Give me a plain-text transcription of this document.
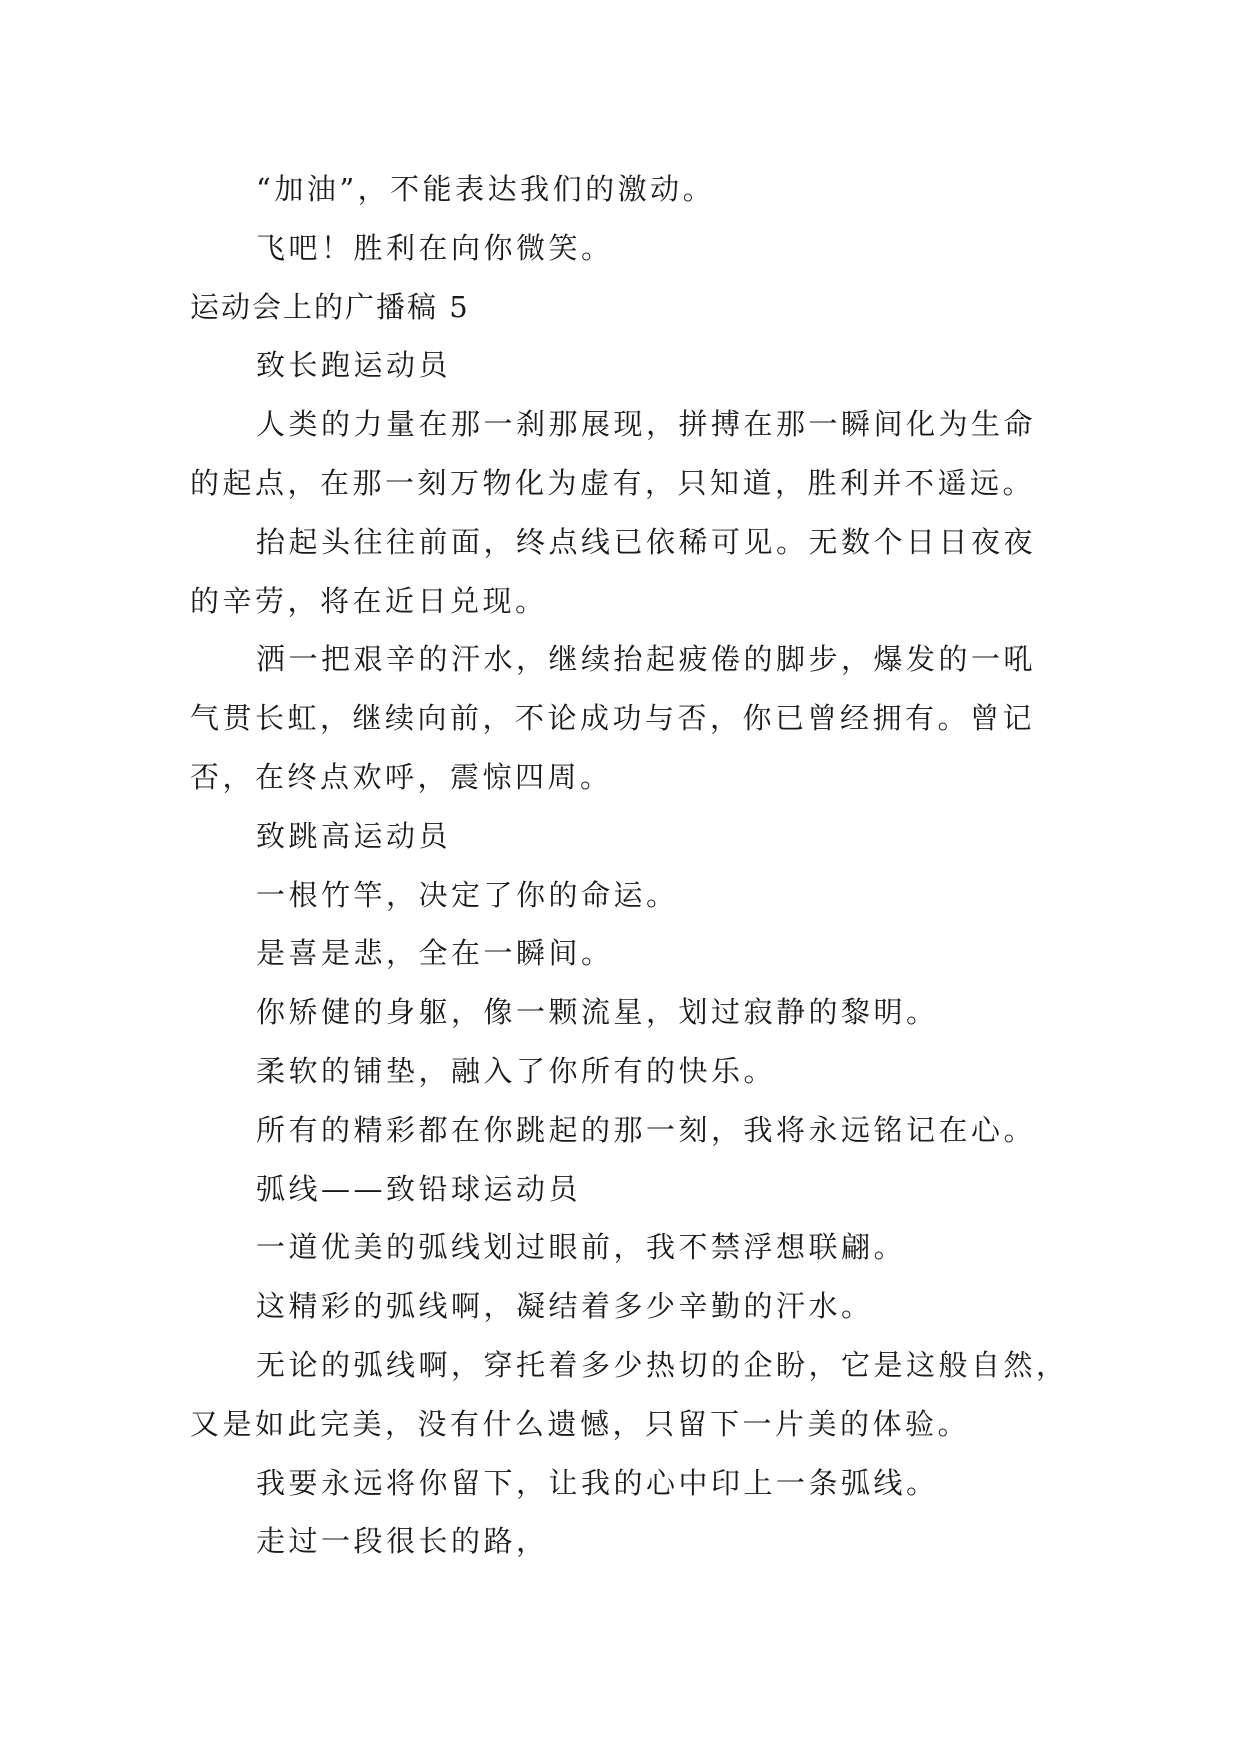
“加油”，不能表达我们的激动。

飞吧！胜利在向你微笑。

运动会上的广播稿 5

致长跑运动员

人类的力量在那一刹那展现，拼搏在那一瞬间化为生命

的起点，在那一刻万物化为虚有，只知道，胜利并不遥远。

抬起头往往前面，终点线已依稀可见。无数个日日夜夜

的辛劳，将在近日兑现。

洒一把艰辛的汗水，继续抬起疲倦的脚步，爆发的一吼

气贯长虹，继续向前，不论成功与否，你已曾经拥有。曾记

否，在终点欢呼，震惊四周。

致跳高运动员

一根竹竿，决定了你的命运。

是喜是悲，全在一瞬间。

你矫健的身躯，像一颗流星，划过寂静的黎明。

柔软的铺垫，融入了你所有的快乐。

所有的精彩都在你跳起的那一刻，我将永远铭记在心。

弧线——致铅球运动员

一道优美的弧线划过眼前，我不禁浮想联翩。

这精彩的弧线啊，凝结着多少辛勤的汗水。

无论的弧线啊，穿托着多少热切的企盼，它是这般自然，

又是如此完美，没有什么遗憾，只留下一片美的体验。

我要永远将你留下，让我的心中印上一条弧线。

走过一段很长的路，
